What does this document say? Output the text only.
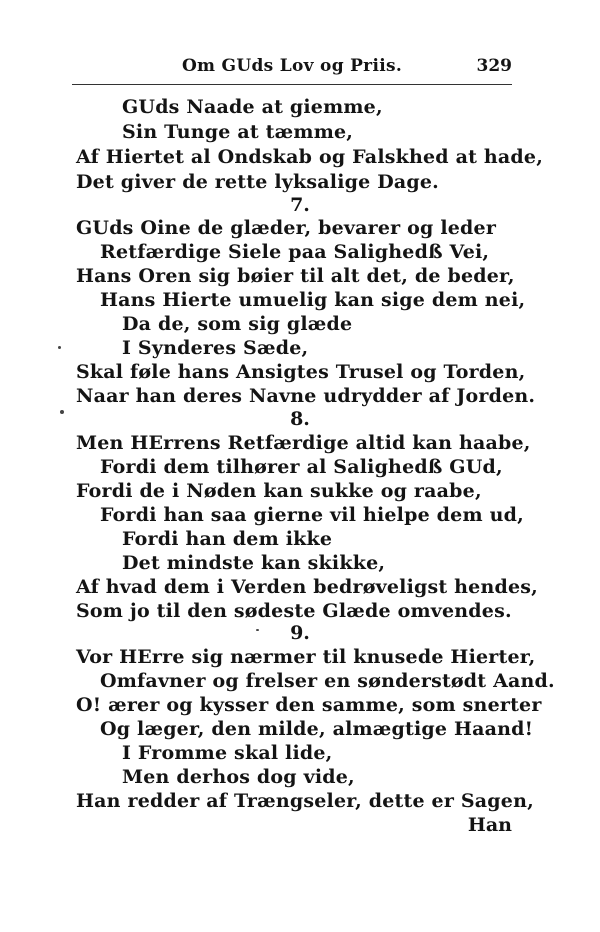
Om GUds Lov og Priis.	329
GUds Naade at giemme,
Sin Tunge at tæmme,
Af Hiertet al Ondskab og Falskhed at hade,
Det giver de rette lyksalige Dage.
7.
GUds Oine de glæder, bevarer og leder
Retfærdige Siele paa Salighedß Vei,
Hans Oren sig bøier til alt det, de beder,
Hans Hierte umuelig kan sige dem nei,
Da de, som sig glæde
I Synderes Sæde,
Skal føle hans Ansigtes Trusel og Torden,
Naar han deres Navne udrydder af Jorden.
8.
Men HErrens Retfærdige altid kan haabe,
Fordi dem tilhører al Salighedß GUd,
Fordi de i Nøden kan sukke og raabe,
Fordi han saa gierne vil hielpe dem ud,
Fordi han dem ikke
Det mindste kan skikke,
Af hvad dem i Verden bedrøveligst hendes,
Som jo til den sødeste Glæde omvendes.
9.
Vor HErre sig nærmer til knusede Hierter,
Omfavner og frelser en sønderstødt Aand.
O! ærer og kysser den samme, som snerter
Og læger, den milde, almægtige Haand!
I Fromme skal lide,
Men derhos dog vide,
Han redder af Trængseler, dette er Sagen,
Han
